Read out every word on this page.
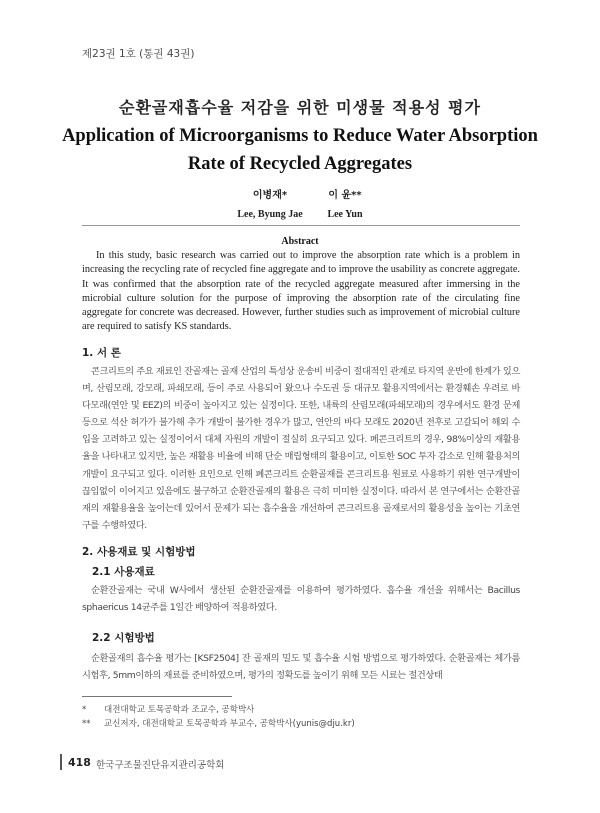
제23권 1호 (통권 43권)
순환골재흡수율 저감을 위한 미생물 적용성 평가
Application of Microorganisms to Reduce Water Absorption Rate of Recycled Aggregates
이병재*
Lee, Byung Jae
이 윤**
Lee Yun
Abstract

In this study, basic research was carried out to improve the absorption rate which is a problem in increasing the recycling rate of recycled fine aggregate and to improve the usability as concrete aggregate. It was confirmed that the absorption rate of the recycled aggregate measured after immersing in the microbial culture solution for the purpose of improving the absorption rate of the circulating fine aggregate for concrete was decreased. However, further studies such as improvement of microbial culture are required to satisfy KS standards.

1. 서 론

콘크리트의 주요 재료인 잔골재는 골재 산업의 특성상 운송비 비중이 절대적인 관계로 타지역 운반에 한계가 있으며, 산림모래, 강모래, 파쇄모래, 등이 주로 사용되어 왔으나 수도권 등 대규모 활용지역에서는 환경훼손 우려로 바다모래(연안 및 EEZ)의 비중이 높아지고 있는 실정이다. 또한, 내륙의 산림모래(파쇄모래)의 경우에서도 환경 문제 등으로 석산 허가가 불가해 추가 개발이 불가한 경우가 많고, 연안의 바다 모래도 2020년 전후로 고갈되어 해외 수입을 고려하고 있는 실정이어서 대체 자원의 개발이 절실히 요구되고 있다. 폐콘크리트의 경우, 98%이상의 재활용율을 나타내고 있지만, 높은 재활용 비율에 비해 단순 매립형태의 활용이고, 이토한 SOC 투자 감소로 인해 활용처의 개발이 요구되고 있다. 이러한 요인으로 인해 폐콘크리트 순환골재를 콘크리트용 원료로 사용하기 위한 연구개발이 끊임없이 이어지고 있음에도 불구하고 순환잔골재의 활용은 극히 미미한 실정이다. 따라서 본 연구에서는 순환잔골재의 재활용율을 높이는데 있어서 문제가 되는 흡수율을 개선하여 콘크리트용 골재로서의 활용성을 높이는 기초연구를 수행하였다.

2. 사용재료 및 시험방법
2.1 사용재료

순환잔골재는 국내 W사에서 생산된 순환잔골재를 이용하여 평가하였다. 흡수율 개선을 위해서는 Bacillus sphaericus 14균주를 1일간 배양하여 적용하였다.

2.2 시험방법

순환골재의 흡수율 평가는 [KSF2504] 잔 골재의 밀도 및 흡수율 시험 방법으로 평가하였다. 순환골재는 체가름 시험후, 5mm이하의 재료를 준비하였으며, 평가의 정확도를 높이기 위해 모든 시료는 절건상태

* 대전대학교 토목공학과 조교수, 공학박사
** 교신저자, 대전대학교 토목공학과 부교수, 공학박사(yunis@dju.kr)
418 한국구조물진단유지관리공학회
